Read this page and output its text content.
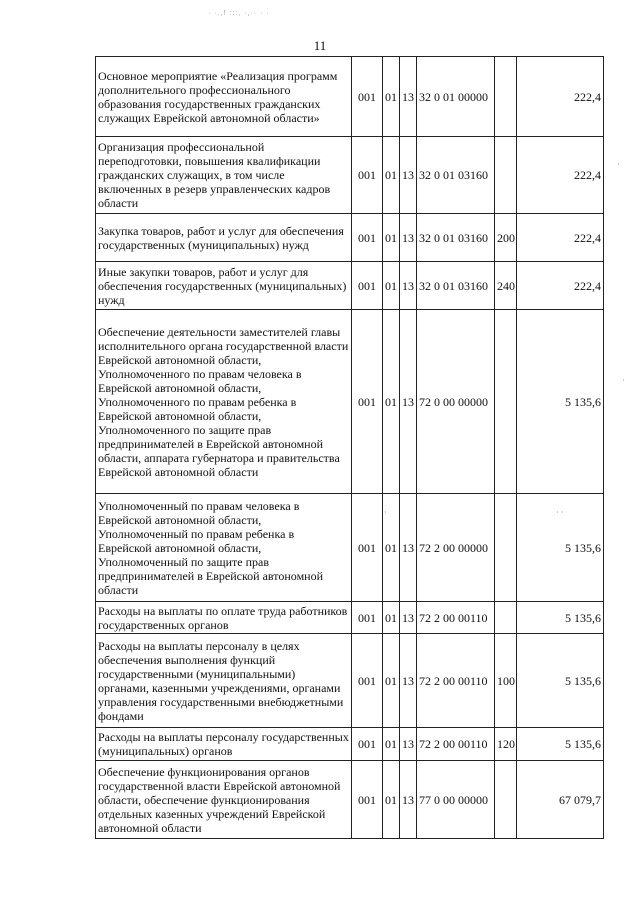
· ·.,! :::, ·,·· · ·
11
Основное мероприятие «Реализация программ дополнительного профессионального образования государственных гражданских служащих Еврейской автономной области»	001	01	13	32 0 01 00000		222,4
Организация профессиональной переподготовки, повышения квалификации гражданских служащих, в том числе включенных в резерв управленческих кадров области	001	01	13	32 0 01 03160		222,4
Закупка товаров, работ и услуг для обеспечения государственных (муниципальных) нужд	001	01	13	32 0 01 03160	200	222,4
Иные закупки товаров, работ и услуг для обеспечения государственных (муниципальных) нужд	001	01	13	32 0 01 03160	240	222,4
Обеспечение деятельности заместителей главы исполнительного органа государственной власти Еврейской автономной области, Уполномоченного по правам человека в Еврейской автономной области, Уполномоченного по правам ребенка в Еврейской автономной области, Уполномоченного по защите прав предпринимателей в Еврейской автономной области, аппарата губернатора и правительства Еврейской автономной области	001	01	13	72 0 00 00000		5 135,6
Уполномоченный по правам человека в Еврейской автономной области, Уполномоченный по правам ребенка в Еврейской автономной области, Уполномоченный по защите прав предпринимателей в Еврейской автономной области	001	01	13	72 2 00 00000		5 135,6
Расходы на выплаты по оплате труда работников государственных органов	001	01	13	72 2 00 00110		5 135,6
Расходы на выплаты персоналу в целях обеспечения выполнения функций государственными (муниципальными) органами, казенными учреждениями, органами управления государственными внебюджетными фондами	001	01	13	72 2 00 00110	100	5 135,6
Расходы на выплаты персоналу государственных (муниципальных) органов	001	01	13	72 2 00 00110	120	5 135,6
Обеспечение функционирования органов государственной власти Еврейской автономной области, обеспечение функционирования отдельных казенных учреждений Еврейской автономной области	001	01	13	77 0 00 00000		67 079,7
·
·
· ·
·
